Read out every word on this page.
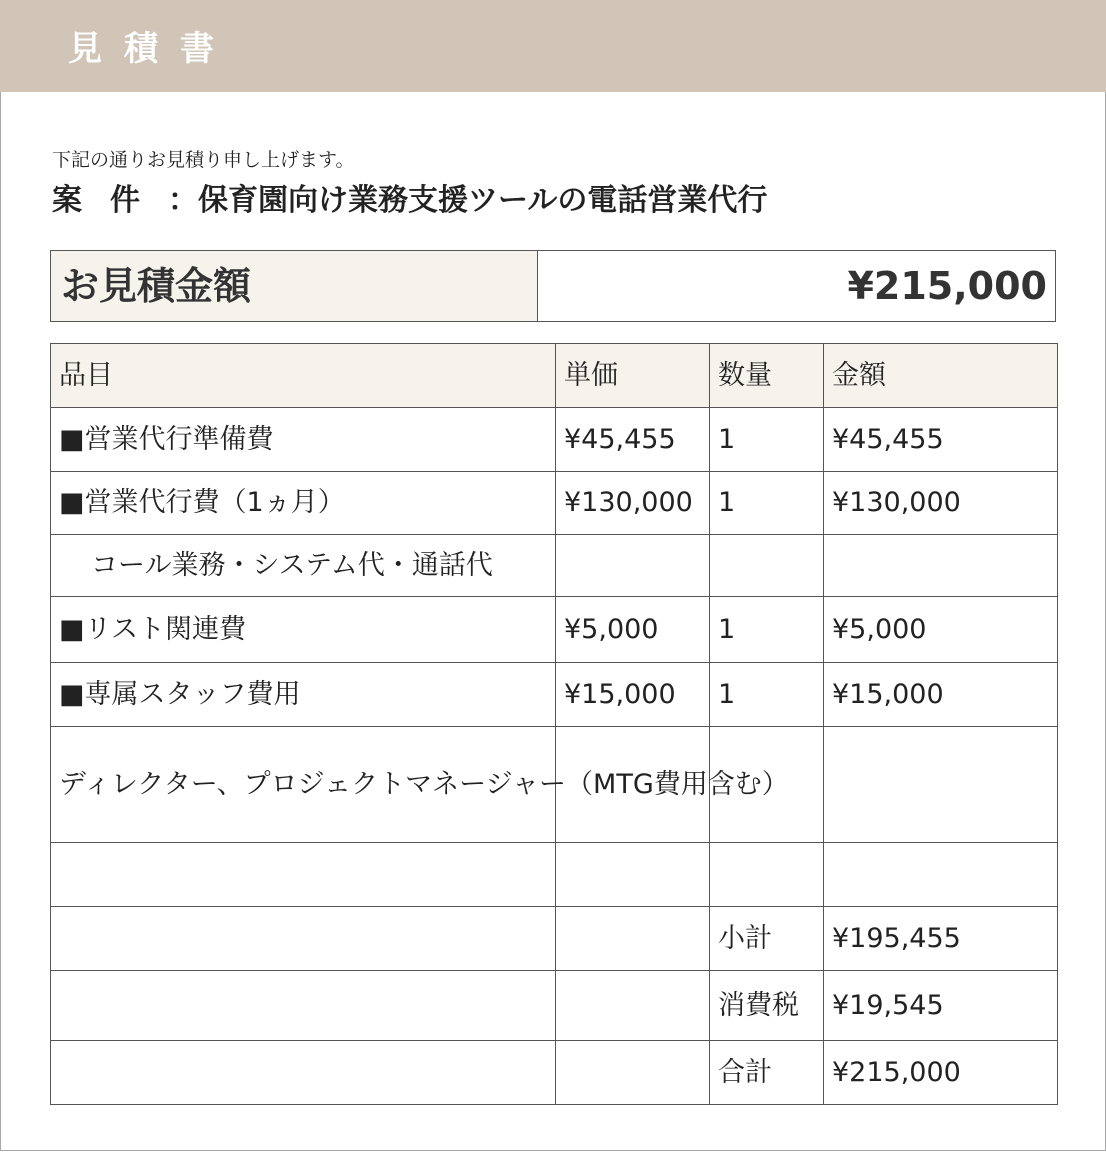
見積書
下記の通りお見積り申し上げます。
案件：保育園向け業務支援ツールの電話営業代行
お見積金額	¥215,000
品目	単価	数量	金額
■営業代行準備費	¥45,455	1	¥45,455
■営業代行費（1ヵ月）	¥130,000	1	¥130,000
コール業務・システム代・通話代			
■リスト関連費	¥5,000	1	¥5,000
■専属スタッフ費用	¥15,000	1	¥15,000
ディレクター、プロジェクトマネージャー（MTG費用含む）			

		小計	¥195,455
		消費税	¥19,545
		合計	¥215,000
